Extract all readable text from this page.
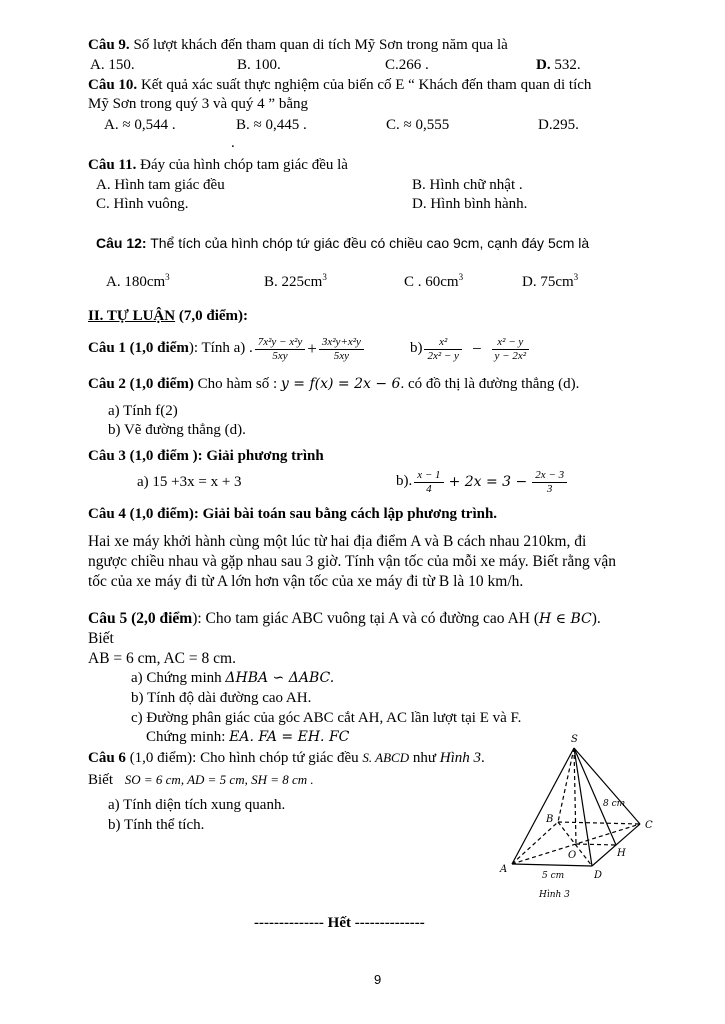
Câu 9. Số lượt khách đến tham quan di tích Mỹ Sơn trong năm qua là
A. 150.	B. 100.	C.266 .	D. 532.
Câu 10. Kết quả xác suất thực nghiệm của biến cố E “ Khách đến tham quan di tích
Mỹ Sơn trong quý 3 và quý 4 ” bằng
A. ≈ 0,544 .	B. ≈ 0,445 .	C. ≈ 0,555	D.295.
.
Câu 11. Đáy của hình chóp tam giác đều là
A. Hình tam giác đều	B. Hình chữ nhật .
C. Hình vuông.	D. Hình bình hành.
Câu 12: Thể tích của hình chóp tứ giác đều có chiều cao 9cm, cạnh đáy 5cm là
A. $180cm^3$	B. $225cm^3$	C . $60cm^3$	D. $75cm^3$
II. TỰ LUẬN (7,0 điểm):
Câu 1 (1,0 điểm ): Tính a) . $\frac{\text{7x²y − x²y}}{5xy} + \frac{\text{3x²y+x²y}}{5xy}$	$b) \frac{\text{x²}}{\text{2x² − y}} - \frac{\text{x² − y}}{\text{y − 2x²}}$
Câu 2 (1,0 điểm) Cho hàm số : y = f(x) = 2x − 6. có đồ thị là đường thẳng (d).
a) Tính f(2)
b) Vẽ đường thẳng (d).
Câu 3 (1,0 điểm ): Giải phương trình
a) 15 +3x = x + 3	b). $\frac{x - 1}{4} + 2x = 3 - \frac{2x - 3}{3}$
Câu 4 (1,0 điểm): Giải bài toán sau bằng cách lập phương trình.
Hai xe máy khởi hành cùng một lúc từ hai địa điểm A và B cách nhau 210km, đi
ngược chiều nhau và gặp nhau sau 3 giờ. Tính vận tốc của mỗi xe máy. Biết rằng vận
tốc của xe máy đi từ A lớn hơn vận tốc của xe máy đi từ B là 10 km/h.
Câu 5 (2,0 điểm): Cho tam giác ABC vuông tại A và có đường cao AH (H ∈ BC).
Biết
AB = 6 cm, AC = 8 cm.
a) Chứng minh ΔHBA ∽ ΔABC.
b) Tính độ dài đường cao AH.
c) Đường phân giác của góc ABC cắt AH, AC lần lượt tại E và F.
Chứng minh: EA. FA = EH. FC
Câu 6 (1,0 điểm): Cho hình chóp tứ giác đều S. ABCD như Hình 3.
Biết SO = 6 cm, AD = 5 cm, SH = 8 cm .
a) Tính diện tích xung quanh.
b) Tính thể tích.
S
A
B
C
D
O	H
8 cm
5 cm
Hình 3
-------------- Hết --------------
9
